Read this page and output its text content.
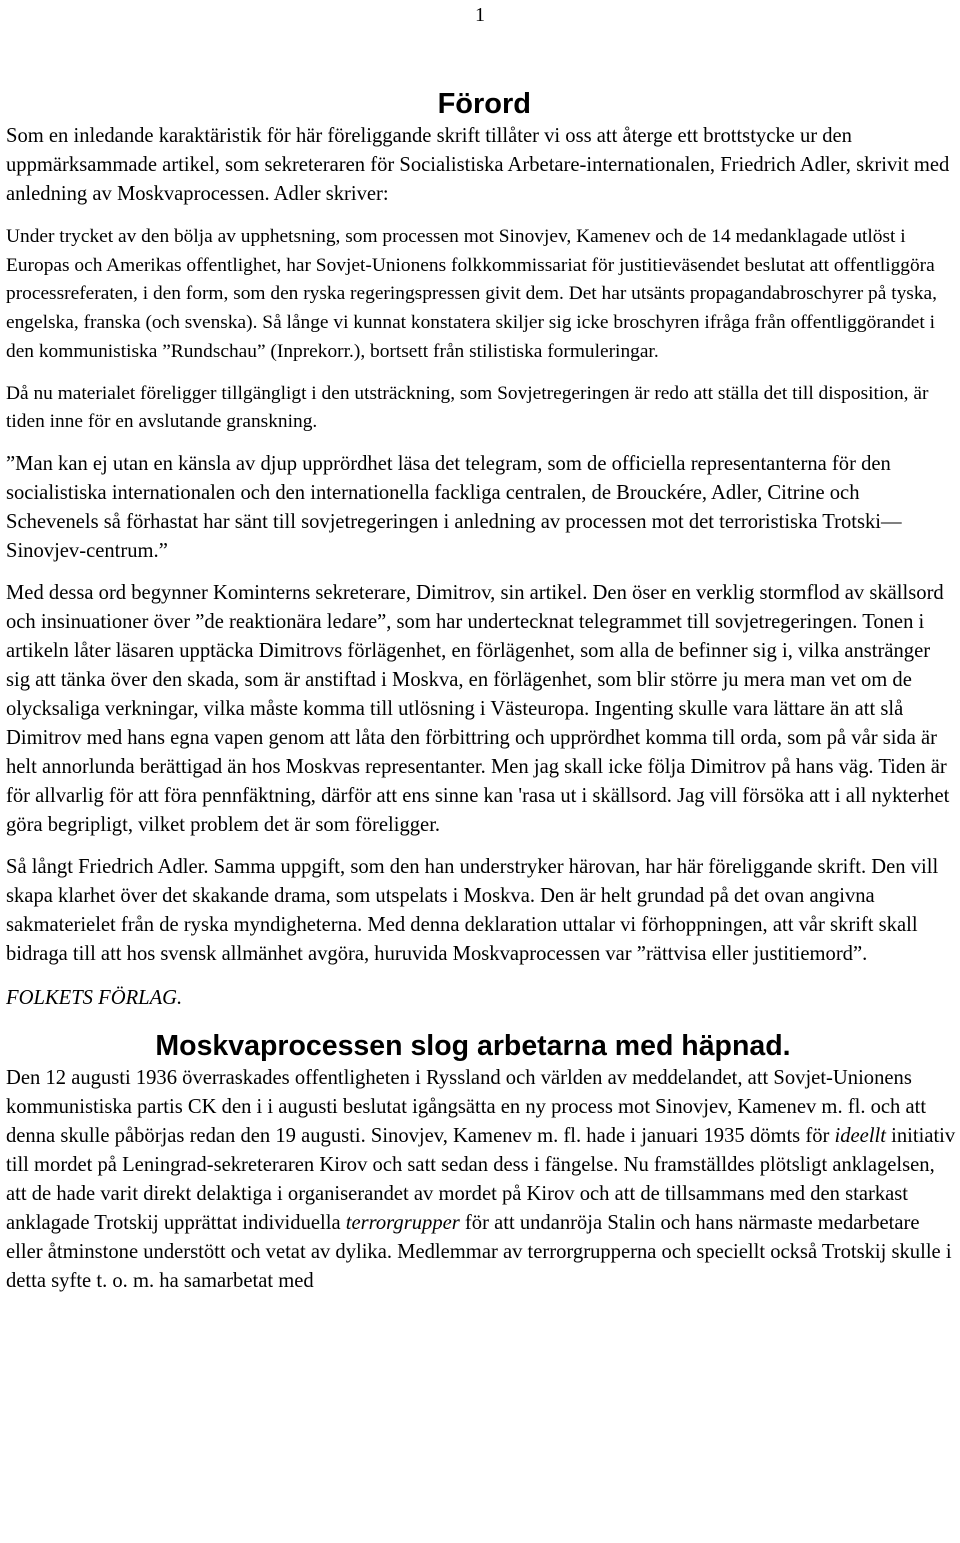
1
Förord

Som en inledande karaktäristik för här föreliggande skrift tillåter vi oss att återge ett brottstycke ur den uppmärksammade artikel, som sekreteraren för Socialistiska Arbetare-internationalen, Friedrich Adler, skrivit med anledning av Moskvaprocessen. Adler skriver:

Under trycket av den bölja av upphetsning, som processen mot Sinovjev, Kamenev och de 14 medanklagade utlöst i Europas och Amerikas offentlighet, har Sovjet-Unionens folkkommissariat för justitieväsendet beslutat att offentliggöra processreferaten, i den form, som den ryska regeringspressen givit dem. Det har utsänts propagandabroschyrer på tyska, engelska, franska (och svenska). Så långe vi kunnat konstatera skiljer sig icke broschyren ifråga från offentliggörandet i den kommunistiska ”Rundschau” (Inprekorr.), bortsett från stilistiska formuleringar.

Då nu materialet föreligger tillgängligt i den utsträckning, som Sovjetregeringen är redo att ställa det till disposition, är tiden inne för en avslutande granskning.

”Man kan ej utan en känsla av djup upprördhet läsa det telegram, som de officiella representanterna för den socialistiska internationalen och den internationella fackliga centralen, de Brouckére, Adler, Citrine och Schevenels så förhastat har sänt till sovjetregeringen i anledning av processen mot det terroristiska Trotski—Sinovjev-centrum.”

Med dessa ord begynner Kominterns sekreterare, Dimitrov, sin artikel. Den öser en verklig stormflod av skällsord och insinuationer över ”de reaktionära ledare”, som har undertecknat telegrammet till sovjetregeringen. Tonen i artikeln låter läsaren upptäcka Dimitrovs förlägenhet, en förlägenhet, som alla de befinner sig i, vilka anstränger sig att tänka över den skada, som är anstiftad i Moskva, en förlägenhet, som blir större ju mera man vet om de olycksaliga verkningar, vilka måste komma till utlösning i Västeuropa. Ingenting skulle vara lättare än att slå Dimitrov med hans egna vapen genom att låta den förbittring och upprördhet komma till orda, som på vår sida är helt annorlunda berättigad än hos Moskvas representanter. Men jag skall icke följa Dimitrov på hans väg. Tiden är för allvarlig för att föra pennfäktning, därför att ens sinne kan 'rasa ut i skällsord. Jag vill försöka att i all nykterhet göra begripligt, vilket problem det är som föreligger.

Så långt Friedrich Adler. Samma uppgift, som den han understryker härovan, har här föreliggande skrift. Den vill skapa klarhet över det skakande drama, som utspelats i Moskva. Den är helt grundad på det ovan angivna sakmaterielet från de ryska myndigheterna. Med denna deklaration uttalar vi förhoppningen, att vår skrift skall bidraga till att hos svensk allmänhet avgöra, huruvida Moskvaprocessen var ”rättvisa eller justitiemord”.

FOLKETS FÖRLAG.

Moskvaprocessen slog arbetarna med häpnad.

Den 12 augusti 1936 överraskades offentligheten i Ryssland och världen av meddelandet, att Sovjet-Unionens kommunistiska partis CK den i i augusti beslutat igångsätta en ny process mot Sinovjev, Kamenev m. fl. och att denna skulle påbörjas redan den 19 augusti. Sinovjev, Kamenev m. fl. hade i januari 1935 dömts för ideellt initiativ till mordet på Leningrad-sekreteraren Kirov och satt sedan dess i fängelse. Nu framställdes plötsligt anklagelsen, att de hade varit direkt delaktiga i organiserandet av mordet på Kirov och att de tillsammans med den starkast anklagade Trotskij upprättat individuella terrorgrupper för att undanröja Stalin och hans närmaste medarbetare eller åtminstone understött och vetat av dylika. Medlemmar av terrorgrupperna och speciellt också Trotskij skulle i detta syfte t. o. m. ha samarbetat med
